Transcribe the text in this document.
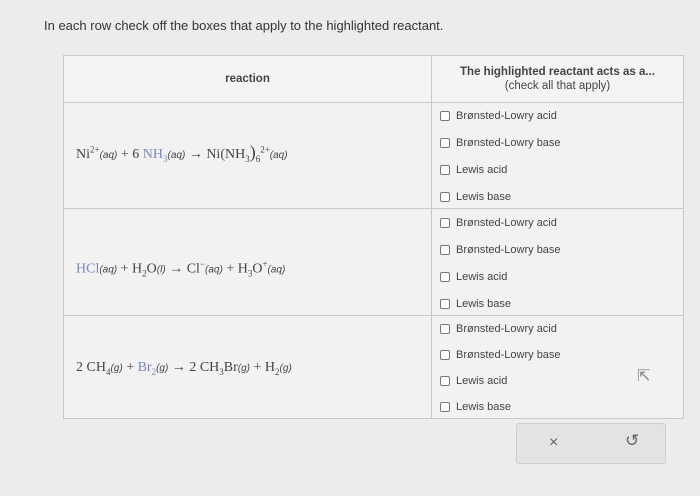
In each row check off the boxes that apply to the highlighted reactant.
reaction
The highlighted reactant acts as a...
(check all that apply)
$Ni^{2+}(aq) + 6$ $NH_3(aq) \to Ni(NH_3)_6^{2+}(aq)$
Brønsted-Lowry acid
Brønsted-Lowry base
Lewis acid
Lewis base
$HCl(aq) + H_2O(l) \to Cl^-(aq) + H_3O^+(aq)$
Brønsted-Lowry acid
Brønsted-Lowry base
Lewis acid
Lewis base
2 $CH_4(g) + Br_2(g) \to 2$ $CH_3Br(g) + H_2(g)$
Brønsted-Lowry acid
Brønsted-Lowry base
Lewis acid
Lewis base
⇱
×	↺
